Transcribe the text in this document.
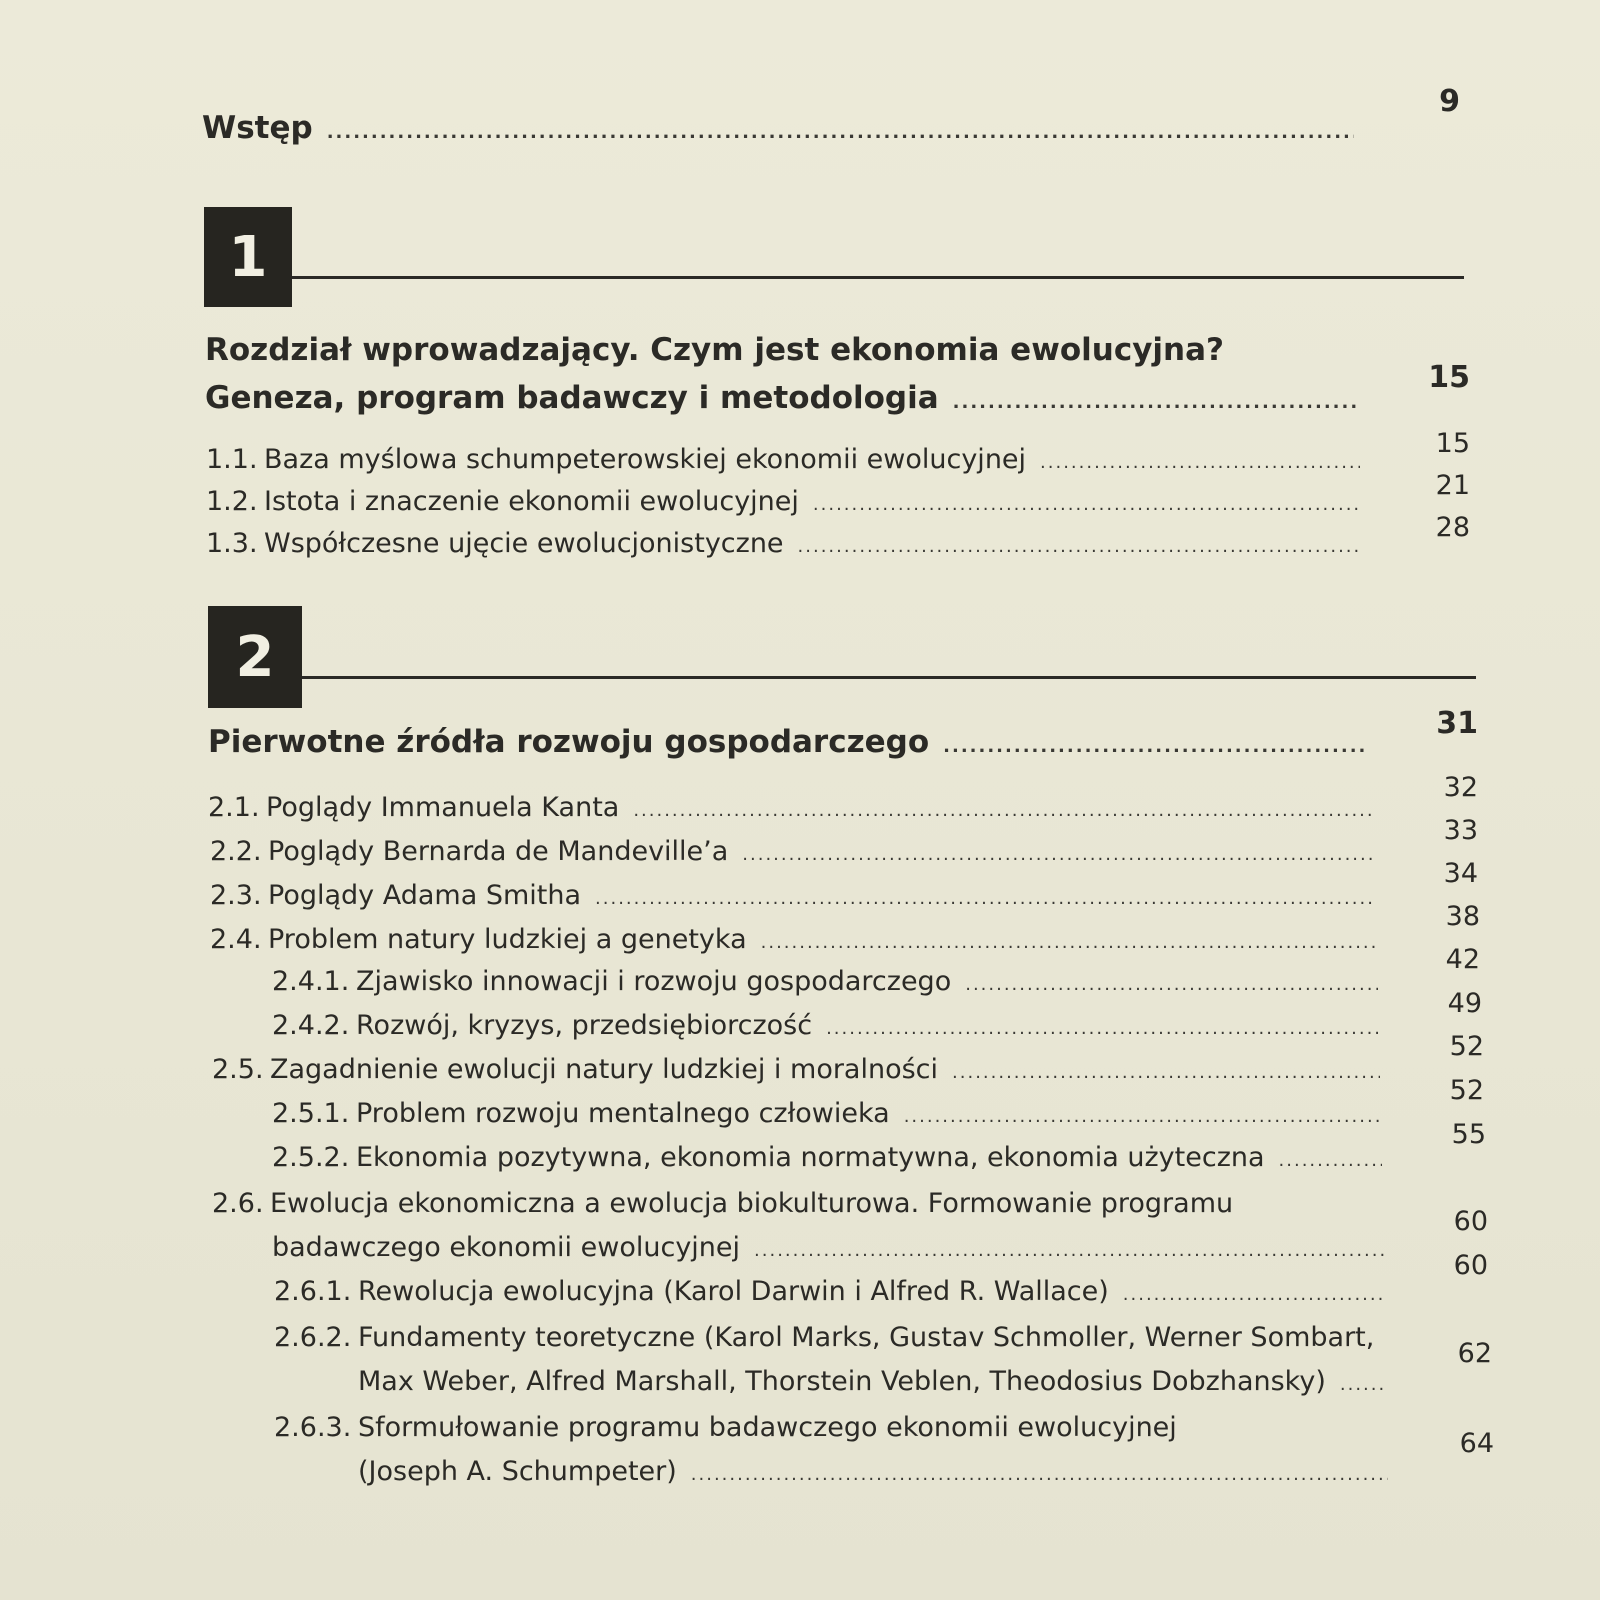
Wstęp
.....
9
1
Rozdział wprowadzający. Czym jest ekonomia ewolucyjna?
Geneza, program badawczy i metodologia
.....
15
1.1. Baza myślowa schumpeterowskiej ekonomii ewolucyjnej
.....
15
1.2. Istota i znaczenie ekonomii ewolucyjnej
.....
21
1.3. Współczesne ujęcie ewolucjonistyczne
.....
28
2
Pierwotne źródła rozwoju gospodarczego
.....
31
2.1. Poglądy Immanuela Kanta
.....
32
2.2. Poglądy Bernarda de Mandeville’a
.....
33
2.3. Poglądy Adama Smitha
.....
34
2.4. Problem natury ludzkiej a genetyka
.....
38
2.4.1. Zjawisko innowacji i rozwoju gospodarczego
.....
42
2.4.2. Rozwój, kryzys, przedsiębiorczość
.....
49
2.5. Zagadnienie ewolucji natury ludzkiej i moralności
.....
52
2.5.1. Problem rozwoju mentalnego człowieka
.....
52
2.5.2. Ekonomia pozytywna, ekonomia normatywna, ekonomia użyteczna
.....
55
2.6. Ewolucja ekonomiczna a ewolucja biokulturowa. Formowanie programu
badawczego ekonomii ewolucyjnej
.....
60
2.6.1. Rewolucja ewolucyjna (Karol Darwin i Alfred R. Wallace)
.....
60
2.6.2. Fundamenty teoretyczne (Karol Marks, Gustav Schmoller, Werner Sombart,
Max Weber, Alfred Marshall, Thorstein Veblen, Theodosius Dobzhansky)
.....
62
2.6.3. Sformułowanie programu badawczego ekonomii ewolucyjnej
(Joseph A. Schumpeter)
.....
64
